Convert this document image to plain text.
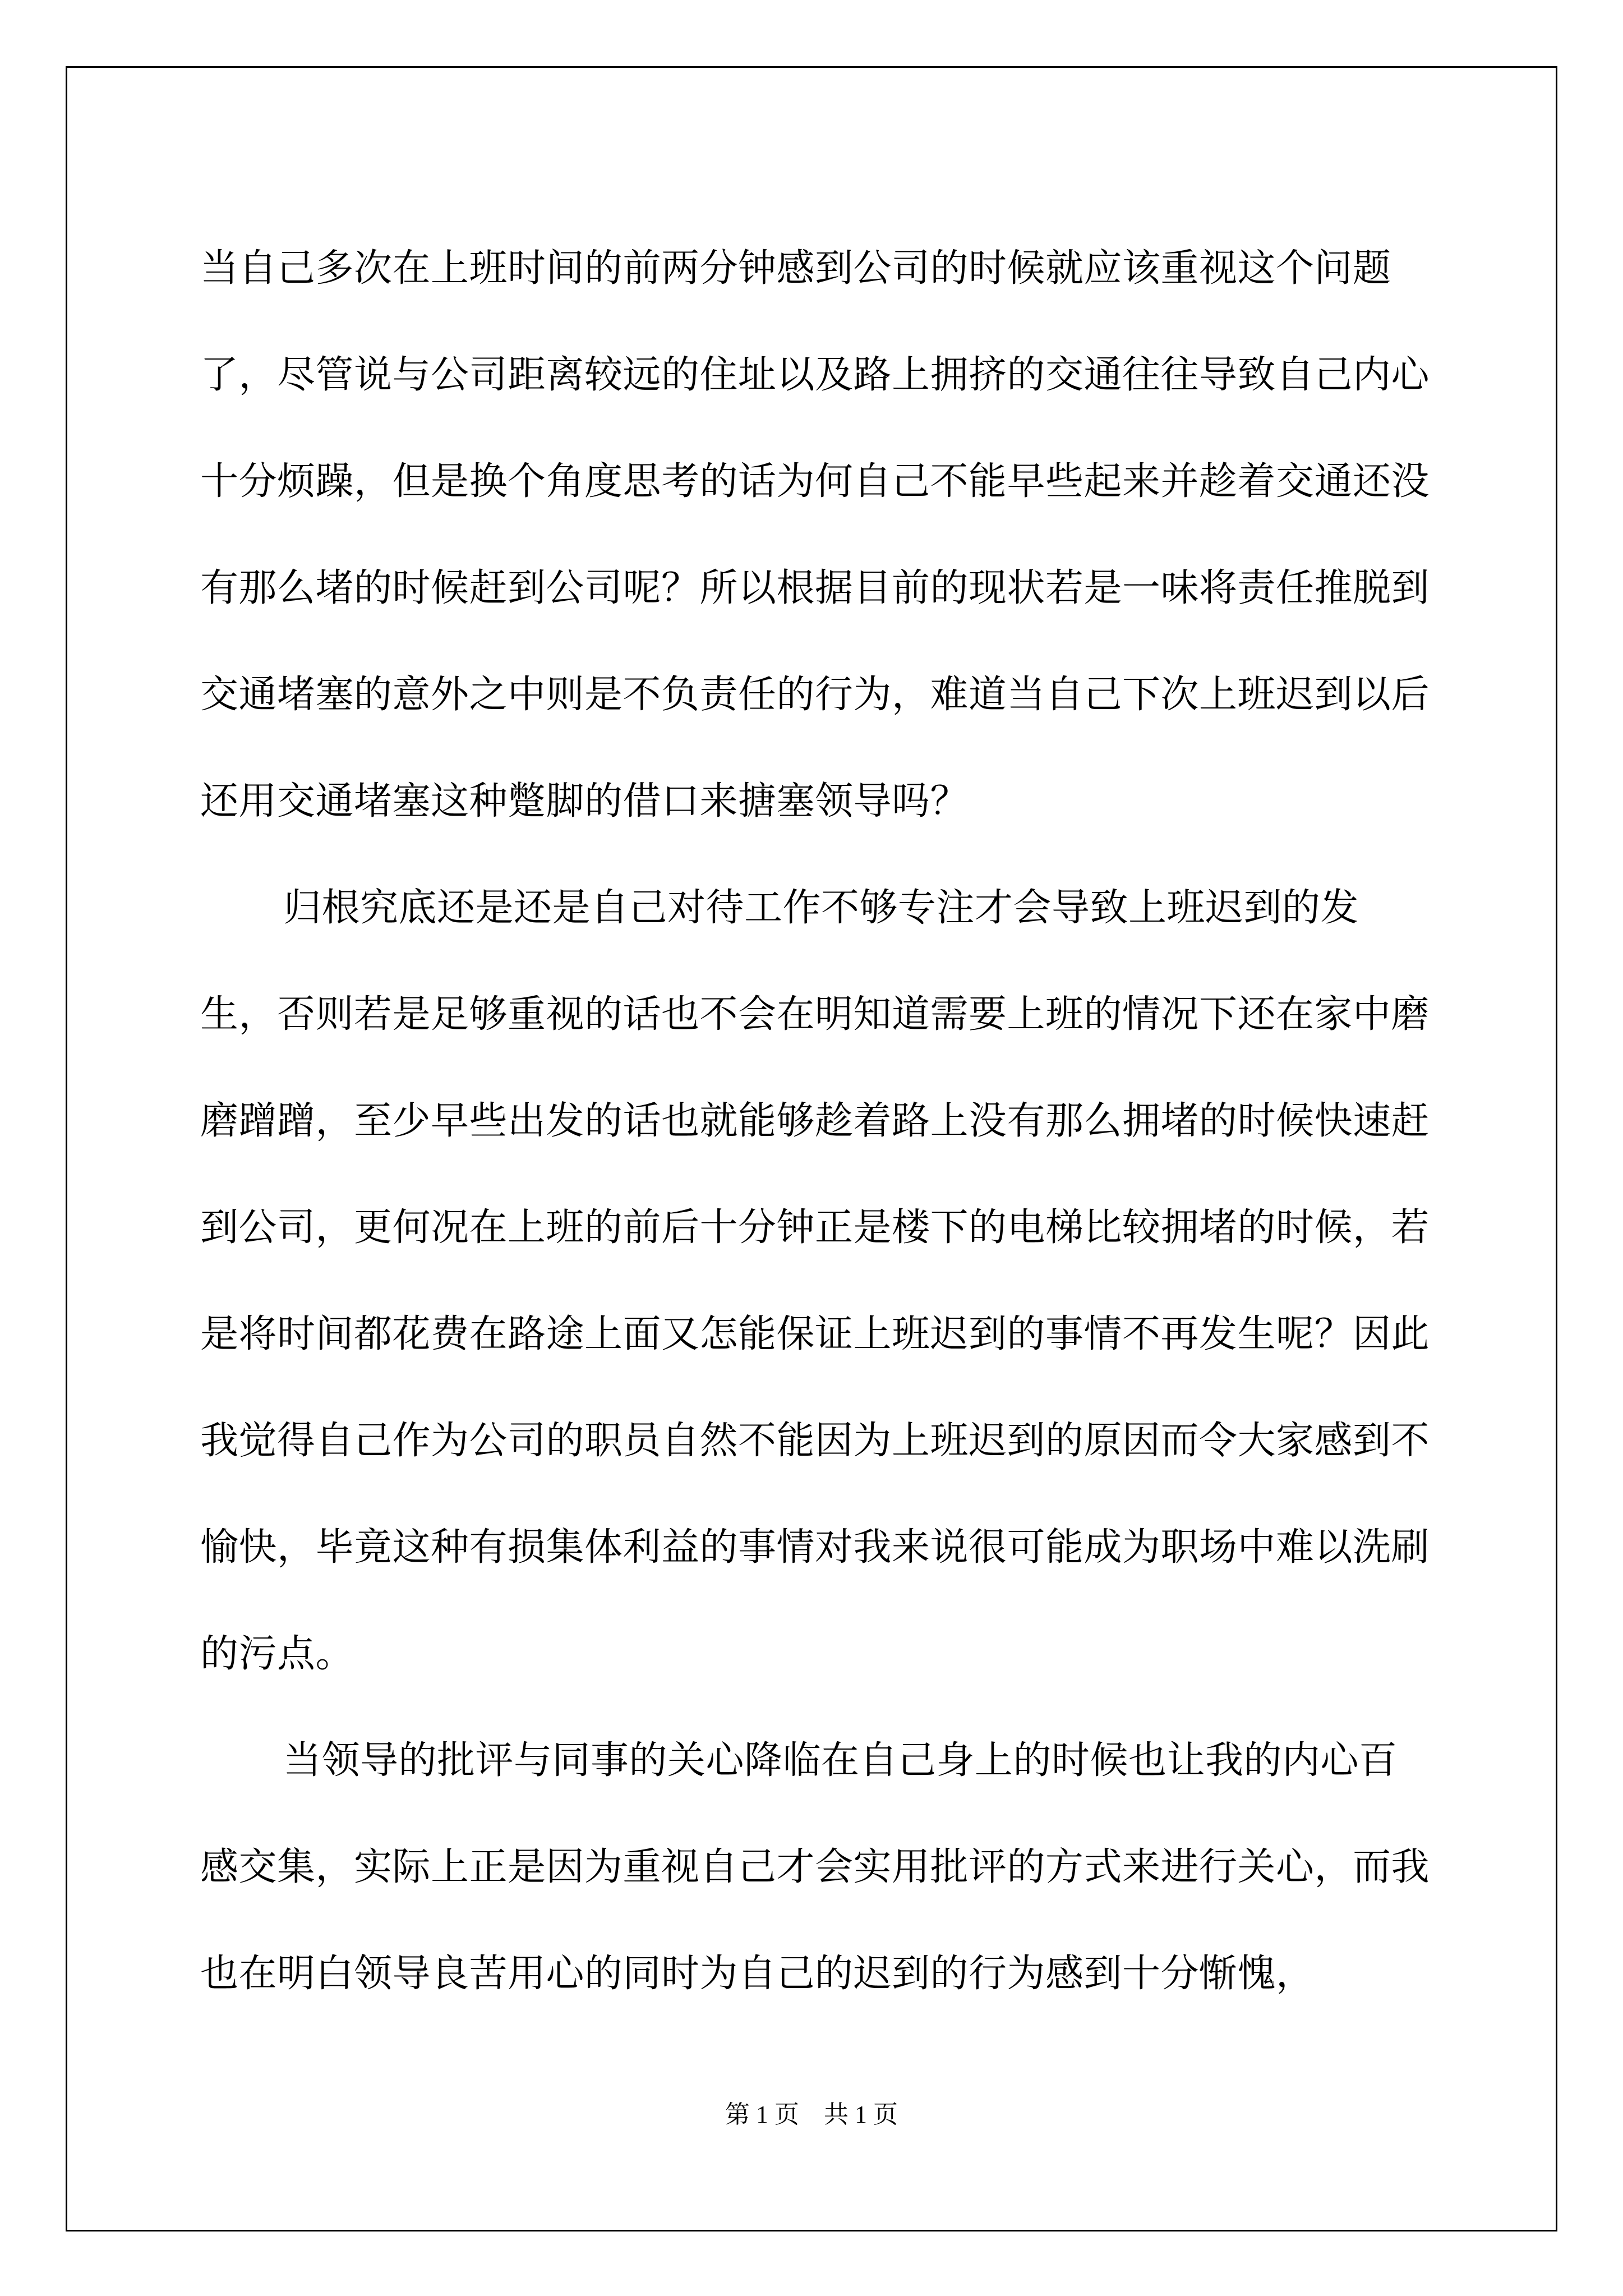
当自己多次在上班时间的前两分钟感到公司的时候就应该重视这个问题了，尽管说与公司距离较远的住址以及路上拥挤的交通往往导致自己内心十分烦躁，但是换个角度思考的话为何自己不能早些起来并趁着交通还没有那么堵的时候赶到公司呢？所以根据目前的现状若是一味将责任推脱到交通堵塞的意外之中则是不负责任的行为，难道当自己下次上班迟到以后还用交通堵塞这种蹩脚的借口来搪塞领导吗？

归根究底还是还是自己对待工作不够专注才会导致上班迟到的发生，否则若是足够重视的话也不会在明知道需要上班的情况下还在家中磨磨蹭蹭，至少早些出发的话也就能够趁着路上没有那么拥堵的时候快速赶到公司，更何况在上班的前后十分钟正是楼下的电梯比较拥堵的时候，若是将时间都花费在路途上面又怎能保证上班迟到的事情不再发生呢？因此我觉得自己作为公司的职员自然不能因为上班迟到的原因而令大家感到不愉快，毕竟这种有损集体利益的事情对我来说很可能成为职场中难以洗刷的污点。

当领导的批评与同事的关心降临在自己身上的时候也让我的内心百感交集，实际上正是因为重视自己才会实用批评的方式来进行关心，而我也在明白领导良苦用心的同时为自己的迟到的行为感到十分惭愧，

第 1 页　共 1 页
